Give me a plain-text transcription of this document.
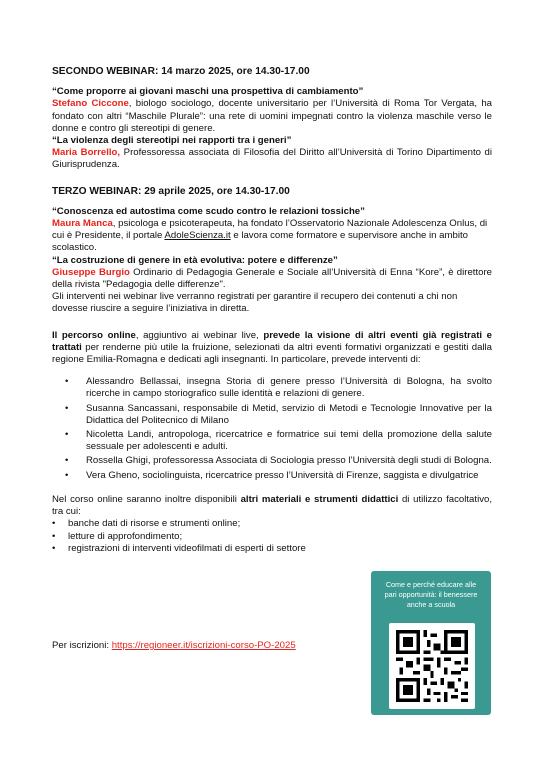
SECONDO WEBINAR: 14 marzo 2025, ore 14.30-17.00

“Come proporre ai giovani maschi una prospettiva di cambiamento”

Stefano Ciccone, biologo sociologo, docente universitario per l’Università di Roma Tor Vergata, ha fondato con altri “Maschile Plurale”: una rete di uomini impegnati contro la violenza maschile verso le donne e contro gli stereotipi di genere.

“La violenza degli stereotipi nei rapporti tra i generi”

Maria Borrello, Professoressa associata di Filosofia del Diritto all’Università di Torino Dipartimento di Giurisprudenza.

TERZO WEBINAR: 29 aprile 2025, ore 14.30-17.00

“Conoscenza ed autostima come scudo contro le relazioni tossiche”

Maura Manca, psicologa e psicoterapeuta, ha fondato l’Osservatorio Nazionale Adolescenza Onlus, di cui è Presidente, il portale AdoleScienza.it e lavora come formatore e supervisore anche in ambito scolastico.

“La costruzione di genere in età evolutiva: potere e differenze”

Giuseppe Burgio Ordinario di Pedagogia Generale e Sociale all’Università di Enna “Kore”, è direttore della rivista "Pedagogia delle differenze".

Gli interventi nei webinar live verranno registrati per garantire il recupero dei contenuti a chi non dovesse riuscire a seguire l’iniziativa in diretta.

Il percorso online, aggiuntivo ai webinar live, prevede la visione di altri eventi già registrati e trattati per renderne più utile la fruizione, selezionati da altri eventi formativi organizzati e gestiti dalla regione Emilia-Romagna e dedicati agli insegnanti. In particolare, prevede interventi di:

• Alessandro Bellassai, insegna Storia di genere presso l’Università di Bologna, ha svolto ricerche in campo storiografico sulle identità e relazioni di genere.
• Susanna Sancassani, responsabile di Metid, servizio di Metodi e Tecnologie Innovative per la Didattica del Politecnico di Milano
• Nicoletta Landi, antropologa, ricercatrice e formatrice sui temi della promozione della salute sessuale per adolescenti e adulti.
• Rossella Ghigi, professoressa Associata di Sociologia presso l’Università degli studi di Bologna.
• Vera Gheno, sociolinguista, ricercatrice presso l’Università di Firenze, saggista e divulgatrice

Nel corso online saranno inoltre disponibili altri materiali e strumenti didattici di utilizzo facoltativo, tra cui:

• banche dati di risorse e strumenti online;
• letture di approfondimento;
• registrazioni di interventi videofilmati di esperti di settore

Per iscrizioni: https://regioneer.it/iscrizioni-corso-PO-2025

Come e perché educare alle pari opportunità: il benessere anche a scuola
